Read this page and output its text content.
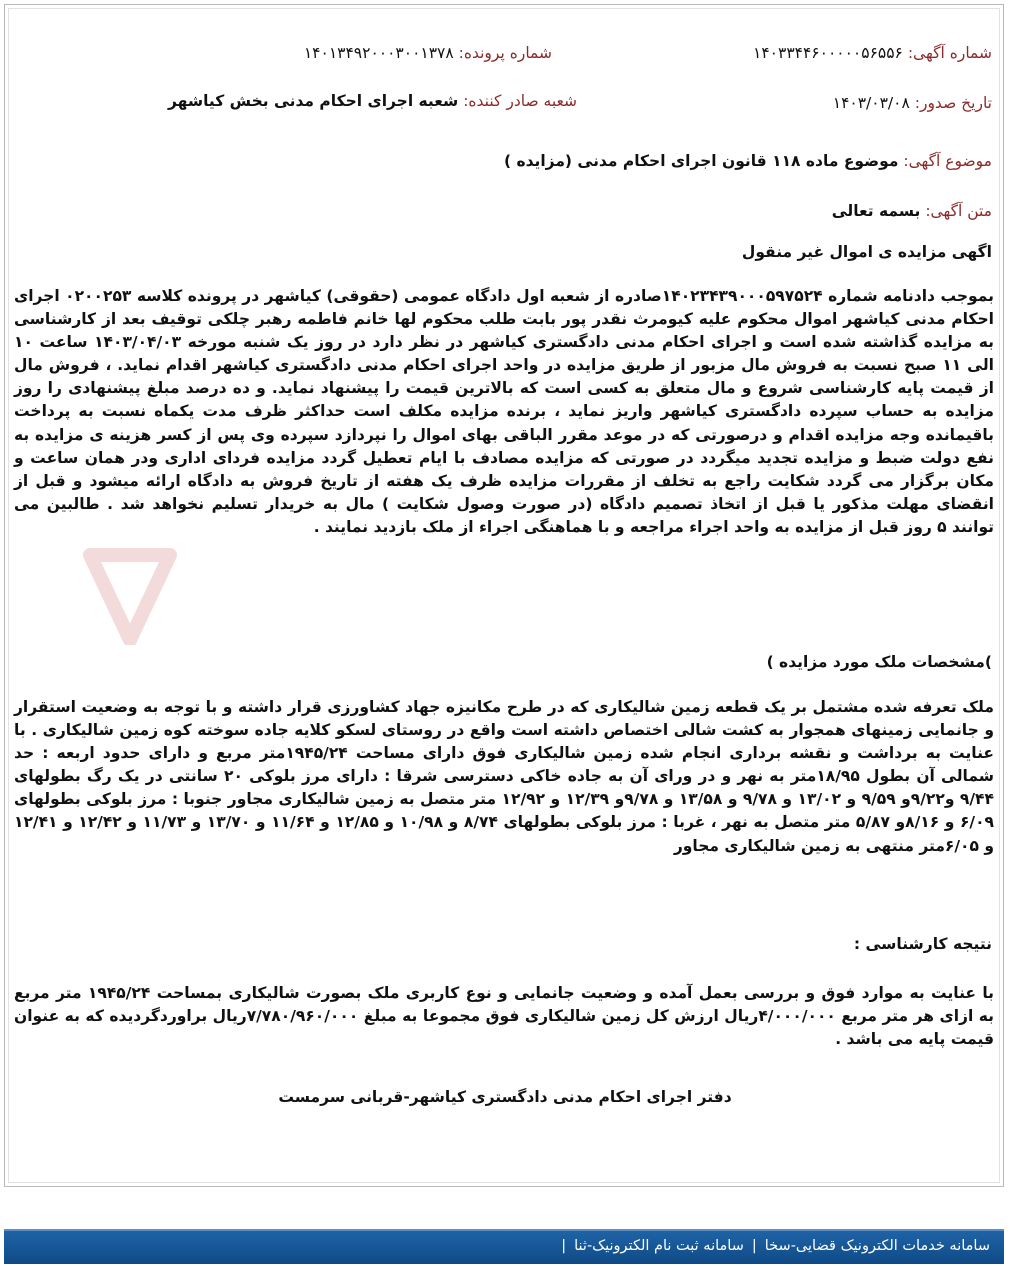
شماره آگهی: ۱۴۰۳۳۴۴۶۰۰۰۰۰۵۶۵۵۶
شماره پرونده: ۱۴۰۱۳۴۹۲۰۰۰۳۰۰۱۳۷۸
تاریخ صدور: ۱۴۰۳/۰۳/۰۸
شعبه صادر کننده: شعبه اجرای احکام مدنی بخش کیاشهر
موضوع آگهی: موضوع ماده ۱۱۸ قانون اجرای احکام مدنی (مزایده )
متن آگهی: بسمه تعالی
اگهی مزایده ی اموال غیر منقول

بموجب دادنامه شماره ۱۴۰۲۳۴۳۹۰۰۰۵۹۷۵۲۴صادره از شعبه اول دادگاه عمومی (حقوقی) کیاشهر در پرونده کلاسه ۰۲۰۰۲۵۳ اجرای احکام مدنی کیاشهر اموال محکوم علیه کیومرث نقدر پور بابت طلب محکوم لها خانم فاطمه رهبر چلکی توقیف بعد از کارشناسی به مزایده گذاشته شده است و اجرای احکام مدنی دادگستری کیاشهر در نظر دارد در روز یک شنبه مورخه ۱۴۰۳/۰۴/۰۳ ساعت ۱۰ الی ۱۱ صبح نسبت به فروش مال مزبور از طریق مزایده در واحد اجرای احکام مدنی دادگستری کیاشهر اقدام نماید. ، فروش مال از قیمت پایه کارشناسی شروع و مال متعلق به کسی است که بالاترین قیمت را پیشنهاد نماید. و ده درصد مبلغ پیشنهادی را روز مزایده به حساب سپرده دادگستری کیاشهر واریز نماید ، برنده مزایده مکلف است حداکثر ظرف مدت یکماه نسبت به پرداخت باقیمانده وجه مزایده اقدام و درصورتی که در موعد مقرر الباقی بهای اموال را نپردازد سپرده وی پس از کسر هزینه ی مزایده به نفع دولت ضبط و مزایده تجدید میگردد در صورتی که مزایده مصادف با ایام تعطیل گردد مزایده فردای اداری ودر همان ساعت و مکان برگزار می گردد شکایت راجع به تخلف از مقررات مزایده ظرف یک هفته از تاریخ فروش به دادگاه ارائه میشود و قبل از انقضای مهلت مذکور یا قبل از اتخاذ تصمیم دادگاه (در صورت وصول شکایت ) مال به خریدار تسلیم نخواهد شد . طالبین می توانند ۵ روز قبل از مزایده به واحد اجراء مراجعه و با هماهنگی اجراء از ملک بازدید نمایند .

)مشخصات ملک مورد مزایده )

ملک تعرفه شده مشتمل بر یک قطعه زمین شالیکاری که در طرح مکانیزه جهاد کشاورزی قرار داشته و با توجه به وضعیت استقرار و جانمایی زمینهای همجوار به کشت شالی اختصاص داشته است واقع در روستای لسکو کلایه جاده سوخته کوه زمین شالیکاری . با عنایت به برداشت و نقشه برداری انجام شده زمین شالیکاری فوق دارای مساحت ۱۹۴۵/۲۴متر مربع و دارای حدود اربعه : حد شمالی آن بطول ۱۸/۹۵متر به نهر و در ورای آن به جاده خاکی دسترسی شرقا : دارای مرز بلوکی ۲۰ سانتی در یک رگ بطولهای ۹/۴۴ و۹/۲۲و ۹/۵۹ و ۱۳/۰۲ و ۹/۷۸ و ۱۳/۵۸ و ۹/۷۸و ۱۲/۳۹ و ۱۲/۹۲ متر متصل به زمین شالیکاری مجاور جنوبا : مرز بلوکی بطولهای ۶/۰۹ و ۸/۱۶و ۵/۸۷ متر متصل به نهر ، غربا : مرز بلوکی بطولهای ۸/۷۴ و ۱۰/۹۸ و ۱۲/۸۵ و ۱۱/۶۴ و ۱۳/۷۰ و ۱۱/۷۳ و ۱۲/۴۲ و ۱۲/۴۱ و ۶/۰۵متر منتهی به زمین شالیکاری مجاور

نتیجه کارشناسی :

با عنایت به موارد فوق و بررسی بعمل آمده و وضعیت جانمایی و نوع کاربری ملک بصورت شالیکاری بمساحت ۱۹۴۵/۲۴ متر مربع به ازای هر متر مربع ۴/۰۰۰/۰۰۰ریال ارزش کل زمین شالیکاری فوق مجموعا به مبلغ ۷/۷۸۰/۹۶۰/۰۰۰ریال براوردگردیده که به عنوان قیمت پایه می باشد .

دفتر اجرای احکام مدنی دادگستری کیاشهر-قربانی سرمست
سامانه خدمات الکترونیک قضایی-سخا|سامانه ثبت نام الکترونیک-ثنا|
